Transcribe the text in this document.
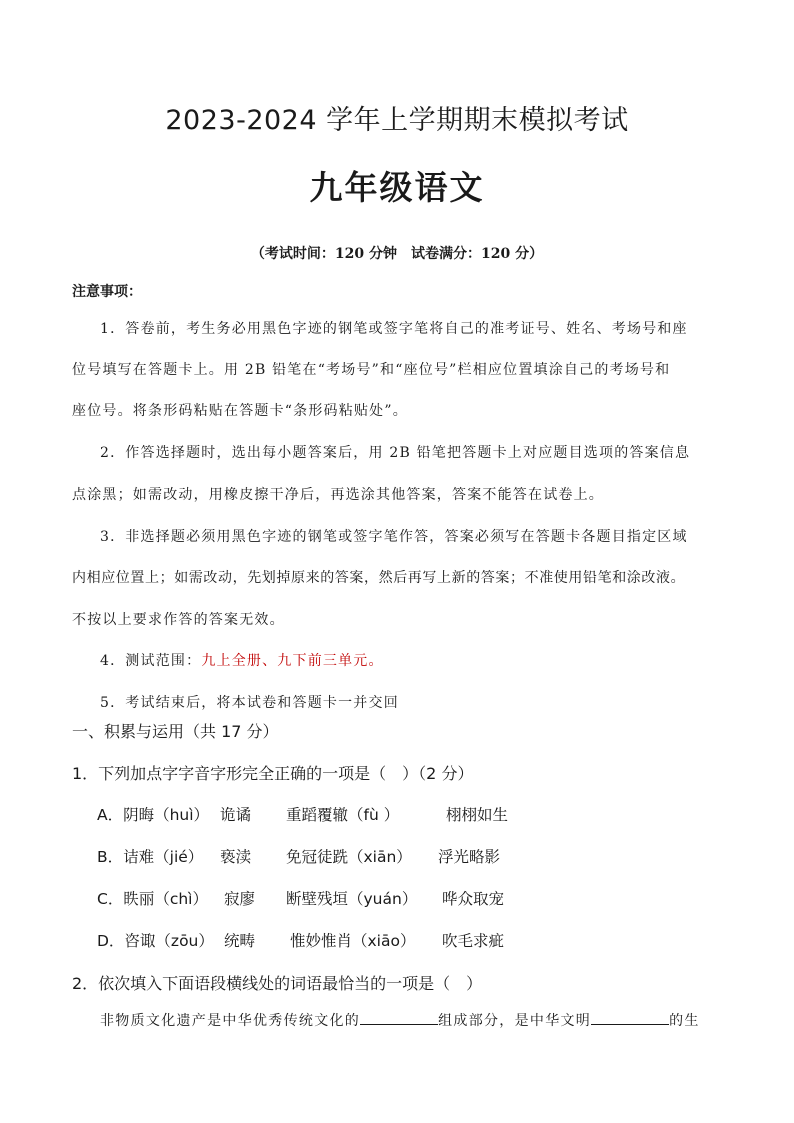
2023-2024 学年上学期期末模拟考试
九年级语文
（考试时间：120 分钟　试卷满分：120 分）
注意事项：
1．答卷前，考生务必用黑色字迹的钢笔或签字笔将自己的准考证号、姓名、考场号和座
位号填写在答题卡上。用 2B 铅笔在“考场号”和“座位号”栏相应位置填涂自己的考场号和
座位号。将条形码粘贴在答题卡“条形码粘贴处”。
2．作答选择题时，选出每小题答案后，用 2B 铅笔把答题卡上对应题目选项的答案信息
点涂黑；如需改动，用橡皮擦干净后，再选涂其他答案，答案不能答在试卷上。
3．非选择题必须用黑色字迹的钢笔或签字笔作答，答案必须写在答题卡各题目指定区域
内相应位置上；如需改动，先划掉原来的答案，然后再写上新的答案；不准使用铅笔和涂改液。
不按以上要求作答的答案无效。
4．测试范围：九上全册、九下前三单元。
5．考试结束后，将本试卷和答题卡一并交回
一、积累与运用（共 17 分）
1．下列加点字字音字形完全正确的一项是（　）（2 分）
A．阴晦（huì） 诡谲 重蹈覆辙（fù ）	栩栩如生
B．诘难（jié） 亵渎 免冠徒跣（xiān） 浮光略影
C．眣丽（chì） 寂廖 断壁残垣（yuán） 哗众取宠
D．咨诹（zōu） 统畴 惟妙惟肖（xiāo） 吹毛求疵
2．依次填入下面语段横线处的词语最恰当的一项是（　）
非物质文化遗产是中华优秀传统文化的	组成部分，是中华文明	的生
